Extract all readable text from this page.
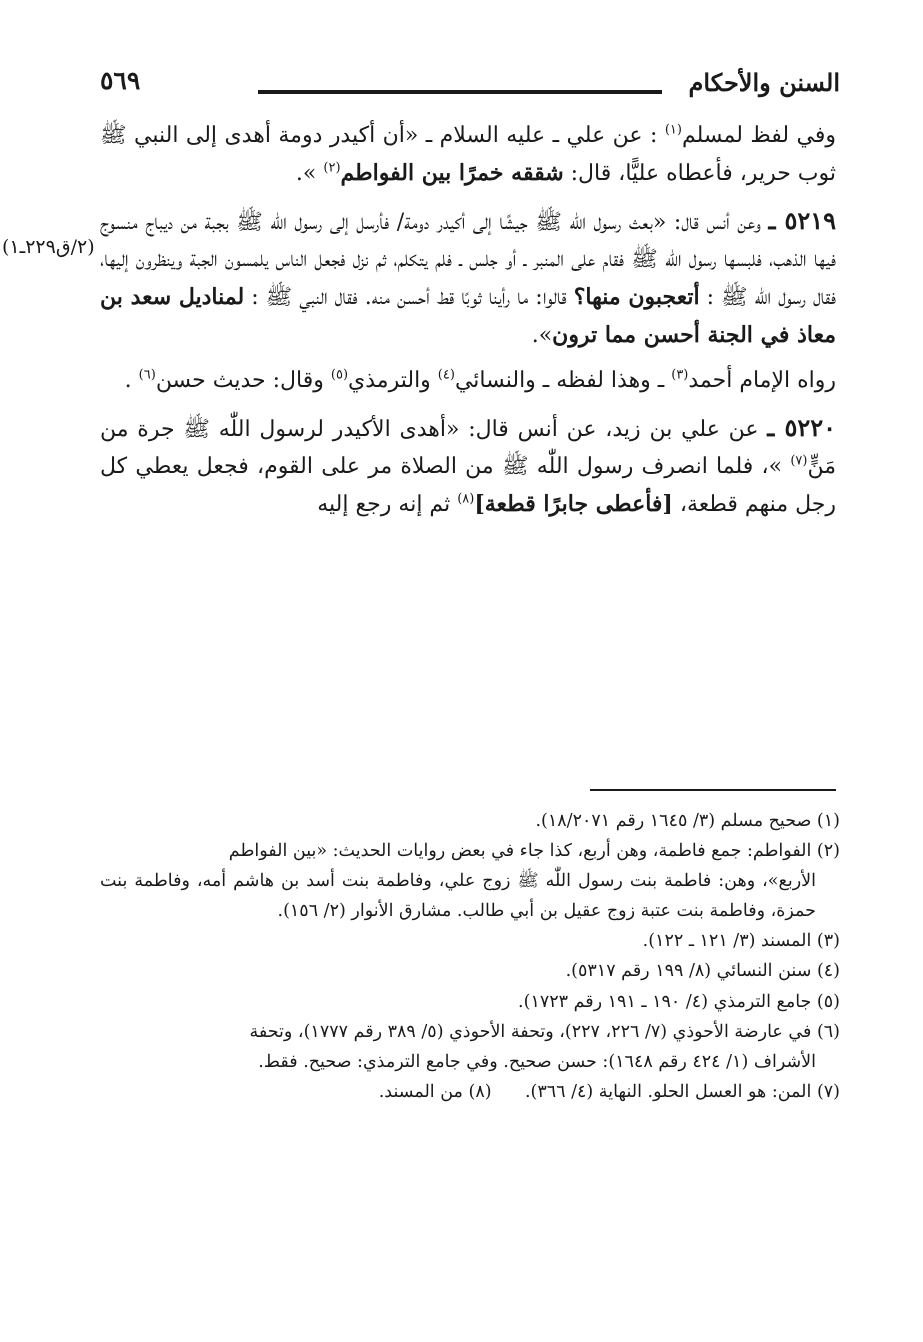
السنن والأحكام
٥٦٩
(٢/ق٢٢٩ـ١)

وفي لفظ لمسلم$^{(١)}$ : عن علي ـ عليه السلام ـ «أن أكيدر دومة أهدى إلى النبي ﷺ ثوب حرير، فأعطاه عليًّا، قال: شققه خمرًا بين الفواطم$^{(٢)}$ ».

٥٢١٩ ـ وعن أنس قال: «بعث رسول اللّٰه ﷺ جيشًا إلى أكيدر دومة/ فأرسل إلى رسول اللّٰه ﷺ بجبة من ديباج منسوج فيها الذهب، فلبسها رسول اللّٰه ﷺ فقام على المنبر ـ أو جلس ـ فلم يتكلم، ثم نزل فجعل الناس يلمسون الجبة وينظرون إليها، فقال رسول اللّٰه ﷺ : أتعجبون منها؟ قالوا: ما رأينا ثوبًا قط أحسن منه. فقال النبي ﷺ : لمناديل سعد بن معاذ في الجنة أحسن مما ترون».

رواه الإمام أحمد$^{(٣)}$ ـ وهذا لفظه ـ والنسائي$^{(٤)}$ والترمذي$^{(٥)}$ وقال: حديث حسن$^{(٦)}$ .

٥٢٢٠ ـ عن علي بن زيد، عن أنس قال: «أهدى الأكيدر لرسول اللّٰه ﷺ جرة من مَنٍّ$^{(٧)}$ »، فلما انصرف رسول اللّٰه ﷺ من الصلاة مر على القوم، فجعل يعطي كل رجل منهم قطعة، [فأعطى جابرًا قطعة]$^{(٨)}$ ثم إنه رجع إليه

(١) صحيح مسلم (٣/ ١٦٤٥ رقم ١٨/٢٠٧١).

(٢) الفواطم: جمع فاطمة، وهن أربع، كذا جاء في بعض روايات الحديث: «بين الفواطم

الأربع»، وهن: فاطمة بنت رسول اللّٰه ﷺ زوج علي، وفاطمة بنت أسد بن هاشم أمه، وفاطمة بنت حمزة، وفاطمة بنت عتبة زوج عقيل بن أبي طالب. مشارق الأنوار (٢/ ١٥٦).

(٣) المسند (٣/ ١٢١ ـ ١٢٢).

(٤) سنن النسائي (٨/ ١٩٩ رقم ٥٣١٧).

(٥) جامع الترمذي (٤/ ١٩٠ ـ ١٩١ رقم ١٧٢٣).

(٦) في عارضة الأحوذي (٧/ ٢٢٦، ٢٢٧)، وتحفة الأحوذي (٥/ ٣٨٩ رقم ١٧٧٧)، وتحفة

الأشراف (١/ ٤٢٤ رقم ١٦٤٨): حسن صحيح. وفي جامع الترمذي: صحيح. فقط.

(٧) المن: هو العسل الحلو. النهاية (٤/ ٣٦٦).      (٨) من المسند.
